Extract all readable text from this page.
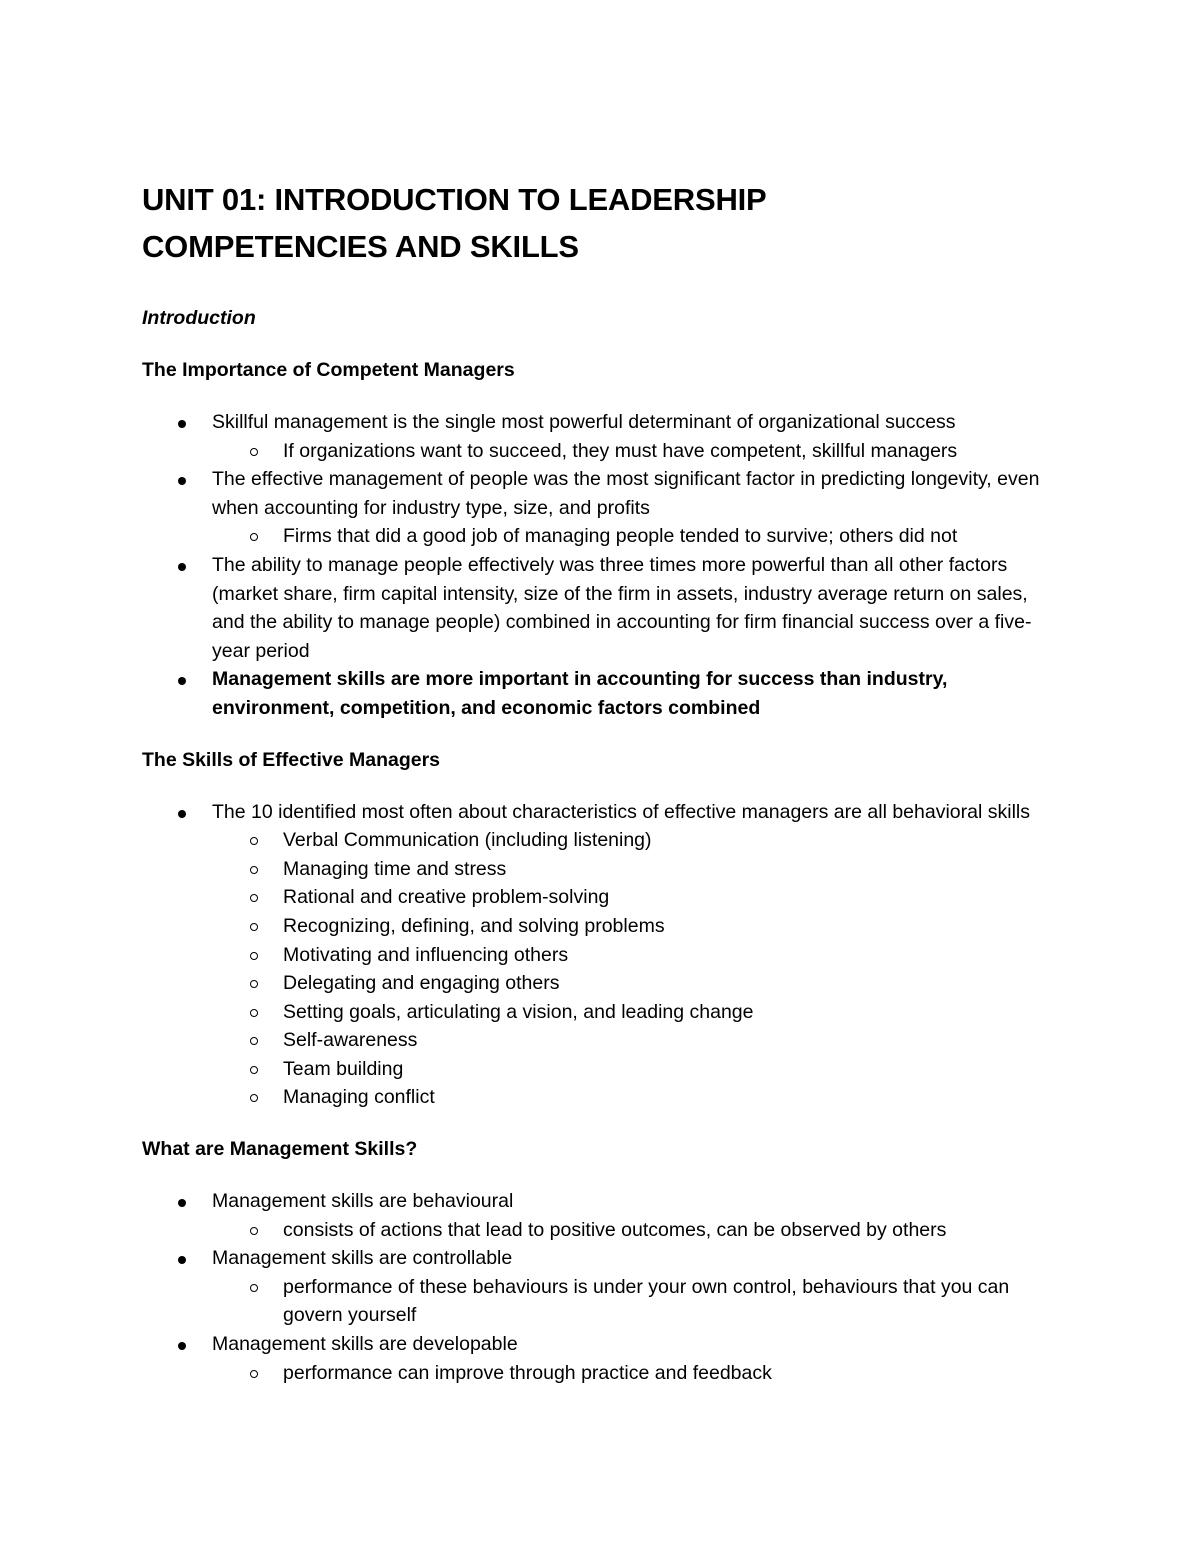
UNIT 01: INTRODUCTION TO LEADERSHIP
COMPETENCIES AND SKILLS

Introduction

The Importance of Competent Managers

Skillful management is the single most powerful determinant of organizational success
If organizations want to succeed, they must have competent, skillful managers
The effective management of people was the most significant factor in predicting longevity, even when accounting for industry type, size, and profits
Firms that did a good job of managing people tended to survive; others did not
The ability to manage people effectively was three times more powerful than all other factors (market share, firm capital intensity, size of the firm in assets, industry average return on sales, and the ability to manage people) combined in accounting for firm financial success over a five-year period
Management skills are more important in accounting for success than industry, environment, competition, and economic factors combined

The Skills of Effective Managers

The 10 identified most often about characteristics of effective managers are all behavioral skills
Verbal Communication (including listening)
Managing time and stress
Rational and creative problem-solving
Recognizing, defining, and solving problems
Motivating and influencing others
Delegating and engaging others
Setting goals, articulating a vision, and leading change
Self-awareness
Team building
Managing conflict

What are Management Skills?

Management skills are behavioural
consists of actions that lead to positive outcomes, can be observed by others
Management skills are controllable
performance of these behaviours is under your own control, behaviours that you can govern yourself
Management skills are developable
performance can improve through practice and feedback
